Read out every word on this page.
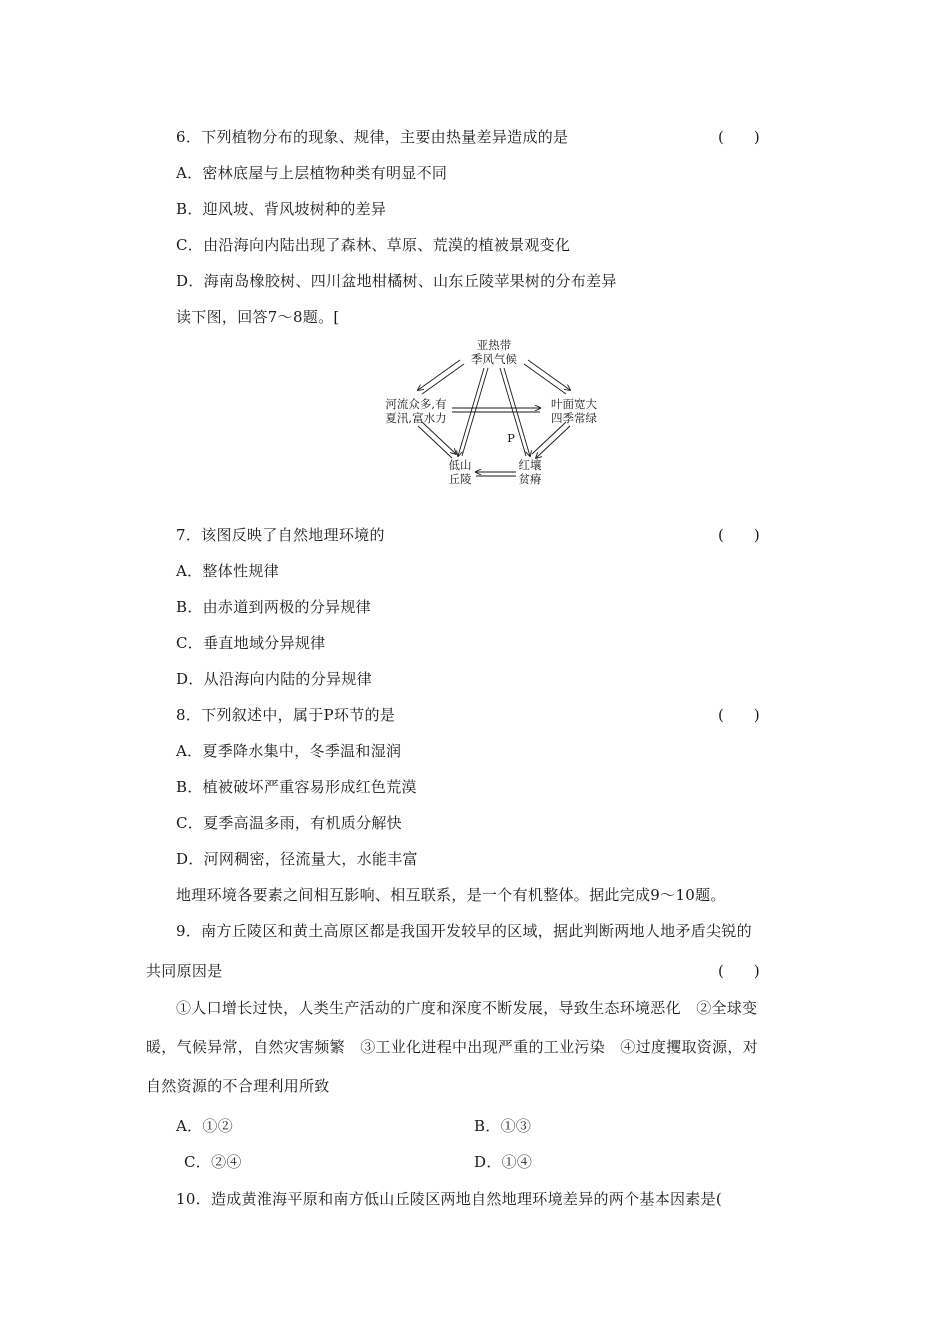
6．下列植物分布的现象、规律，主要由热量差异造成的是	(　　)
A．密林底屋与上层植物种类有明显不同
B．迎风坡、背风坡树种的差异
C．由沿海向内陆出现了森林、草原、荒漠的植被景观变化
D．海南岛橡胶树、四川盆地柑橘树、山东丘陵苹果树的分布差异
读下图，回答7～8题。[
亚热带
季风气候
河流众多,有
夏汛,富水力
叶面宽大
四季常绿
P
低山
丘陵
红壤
贫瘠
7．该图反映了自然地理环境的	(　　)
A．整体性规律
B．由赤道到两极的分异规律
C．垂直地域分异规律
D．从沿海向内陆的分异规律
8．下列叙述中，属于P环节的是	(　　)
A．夏季降水集中，冬季温和湿润
B．植被破坏严重容易形成红色荒漠
C．夏季高温多雨，有机质分解快
D．河网稠密，径流量大，水能丰富
地理环境各要素之间相互影响、相互联系，是一个有机整体。据此完成9～10题。
9．南方丘陵区和黄土高原区都是我国开发较早的区域，据此判断两地人地矛盾尖锐的
共同原因是	(　　)
①人口增长过快，人类生产活动的广度和深度不断发展，导致生态环境恶化　②全球变
暖，气候异常，自然灾害频繁　③工业化进程中出现严重的工业污染　④过度攫取资源，对
自然资源的不合理利用所致
A．①②	B．①③
C．②④	D．①④
10．造成黄淮海平原和南方低山丘陵区两地自然地理环境差异的两个基本因素是(
